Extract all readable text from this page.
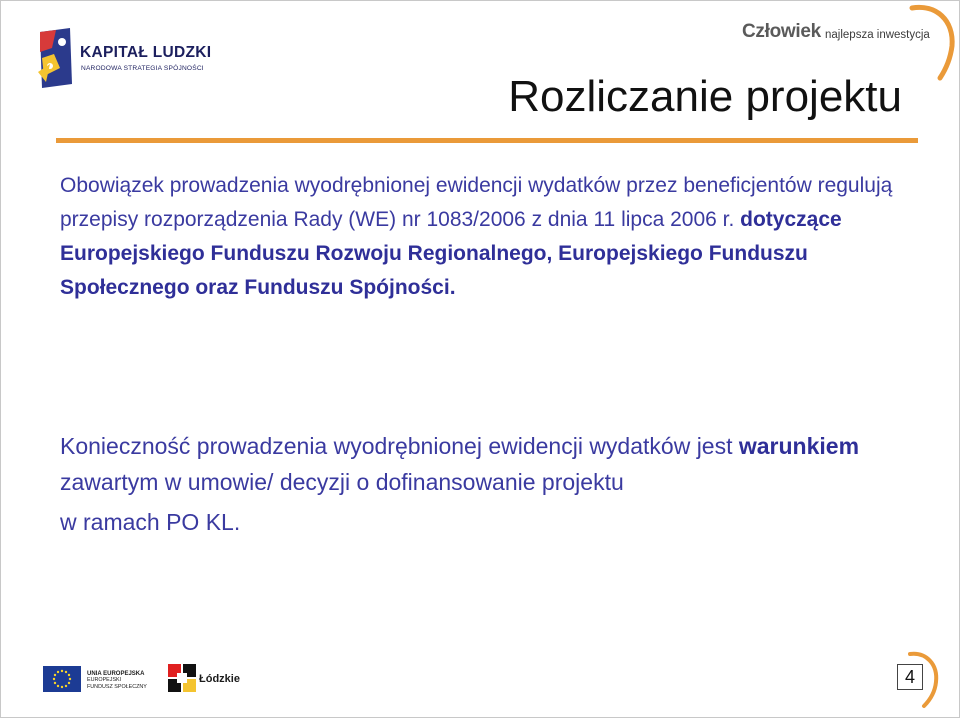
KAPITAŁ LUDZKI
NARODOWA STRATEGIA SPÓJNOŚCI
Człowiek najlepsza inwestycja
Rozliczanie projektu
Obowiązek prowadzenia wyodrębnionej ewidencji wydatków przez beneficjentów regulują przepisy rozporządzenia Rady (WE) nr 1083/2006 z dnia 11 lipca 2006 r. dotyczące Europejskiego Funduszu Rozwoju Regionalnego, Europejskiego Funduszu Społecznego oraz Funduszu Spójności.
Konieczność prowadzenia wyodrębnionej ewidencji wydatków jest warunkiem zawartym w umowie/ decyzji o dofinansowanie projektu
w ramach PO KL.
UNIA EUROPEJSKA
EUROPEJSKI
FUNDUSZ SPOŁECZNY
Łódzkie	4
